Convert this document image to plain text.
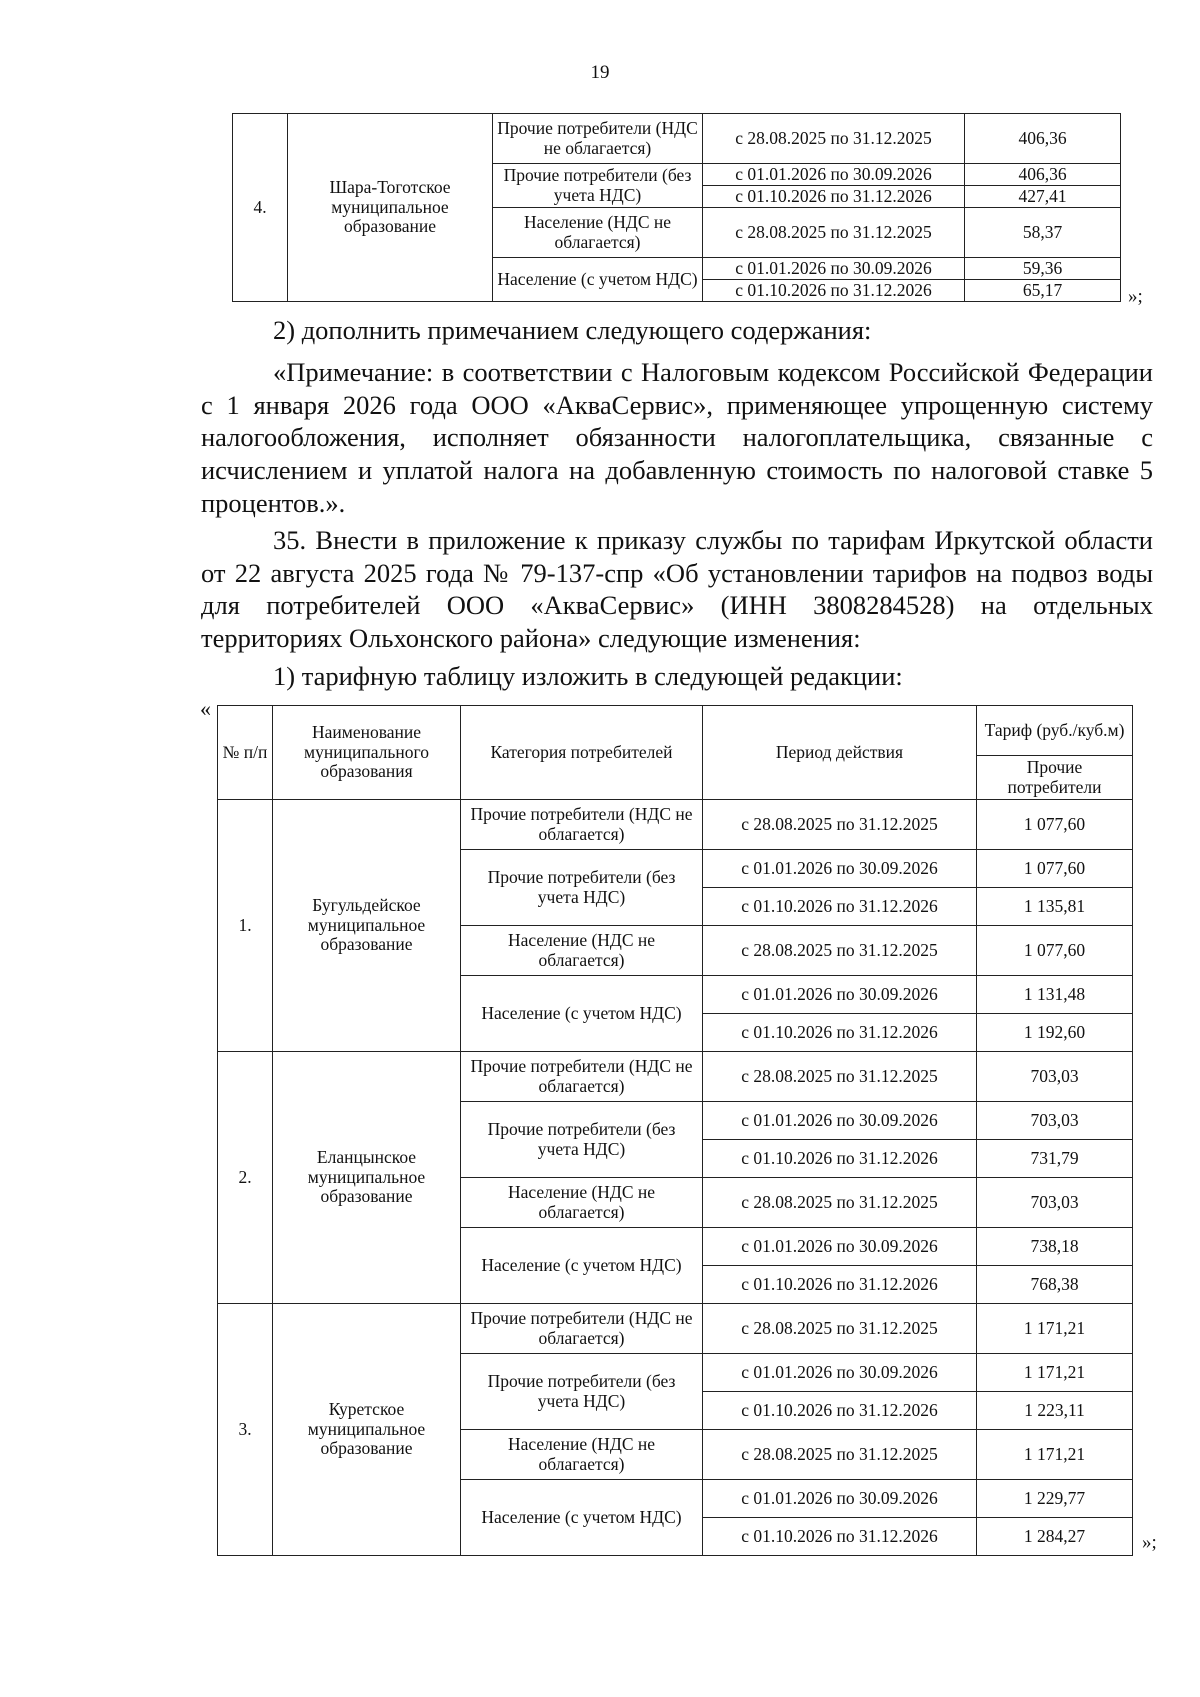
19
4.	Шара-Тоготское муниципальное образование	Прочие потребители (НДС не облагается)	с 28.08.2025 по 31.12.2025	406,36
		Прочие потребители (без учета НДС)	с 01.01.2026 по 30.09.2026	406,36
			с 01.10.2026 по 31.12.2026	427,41
		Население (НДС не облагается)	с 28.08.2025 по 31.12.2025	58,37
		Население (с учетом НДС)	с 01.01.2026 по 30.09.2026	59,36
			с 01.10.2026 по 31.12.2026	65,17	»;

2) дополнить примечанием следующего содержания:

«Примечание: в соответствии с Налоговым кодексом Российской Федерации с 1 января 2026 года ООО «АкваСервис», применяющее упрощенную систему налогообложения, исполняет обязанности налогоплательщика, связанные с исчислением и уплатой налога на добавленную стоимость по налоговой ставке 5 процентов.».

35. Внести в приложение к приказу службы по тарифам Иркутской области от 22 августа 2025 года № 79-137-спр «Об установлении тарифов на подвоз воды для потребителей ООО «АкваСервис» (ИНН 3808284528) на отдельных территориях Ольхонского района» следующие изменения:

1) тарифную таблицу изложить в следующей редакции:

«
№ п/п	Наименование муниципального образования	Категория потребителей	Период действия	Тариф (руб./куб.м)
				Прочие потребители
1.	Бугульдейское муниципальное образование	Прочие потребители (НДС не облагается)	с 28.08.2025 по 31.12.2025	1 077,60
		Прочие потребители (без учета НДС)	с 01.01.2026 по 30.09.2026	1 077,60
			с 01.10.2026 по 31.12.2026	1 135,81
		Население (НДС не облагается)	с 28.08.2025 по 31.12.2025	1 077,60
		Население (с учетом НДС)	с 01.01.2026 по 30.09.2026	1 131,48
			с 01.10.2026 по 31.12.2026	1 192,60
2.	Еланцынское муниципальное образование	Прочие потребители (НДС не облагается)	с 28.08.2025 по 31.12.2025	703,03
		Прочие потребители (без учета НДС)	с 01.01.2026 по 30.09.2026	703,03
			с 01.10.2026 по 31.12.2026	731,79
		Население (НДС не облагается)	с 28.08.2025 по 31.12.2025	703,03
		Население (с учетом НДС)	с 01.01.2026 по 30.09.2026	738,18
			с 01.10.2026 по 31.12.2026	768,38
3.	Куретское муниципальное образование	Прочие потребители (НДС не облагается)	с 28.08.2025 по 31.12.2025	1 171,21
		Прочие потребители (без учета НДС)	с 01.01.2026 по 30.09.2026	1 171,21
			с 01.10.2026 по 31.12.2026	1 223,11
		Население (НДС не облагается)	с 28.08.2025 по 31.12.2025	1 171,21
		Население (с учетом НДС)	с 01.01.2026 по 30.09.2026	1 229,77
			с 01.10.2026 по 31.12.2026	1 284,27	»;
